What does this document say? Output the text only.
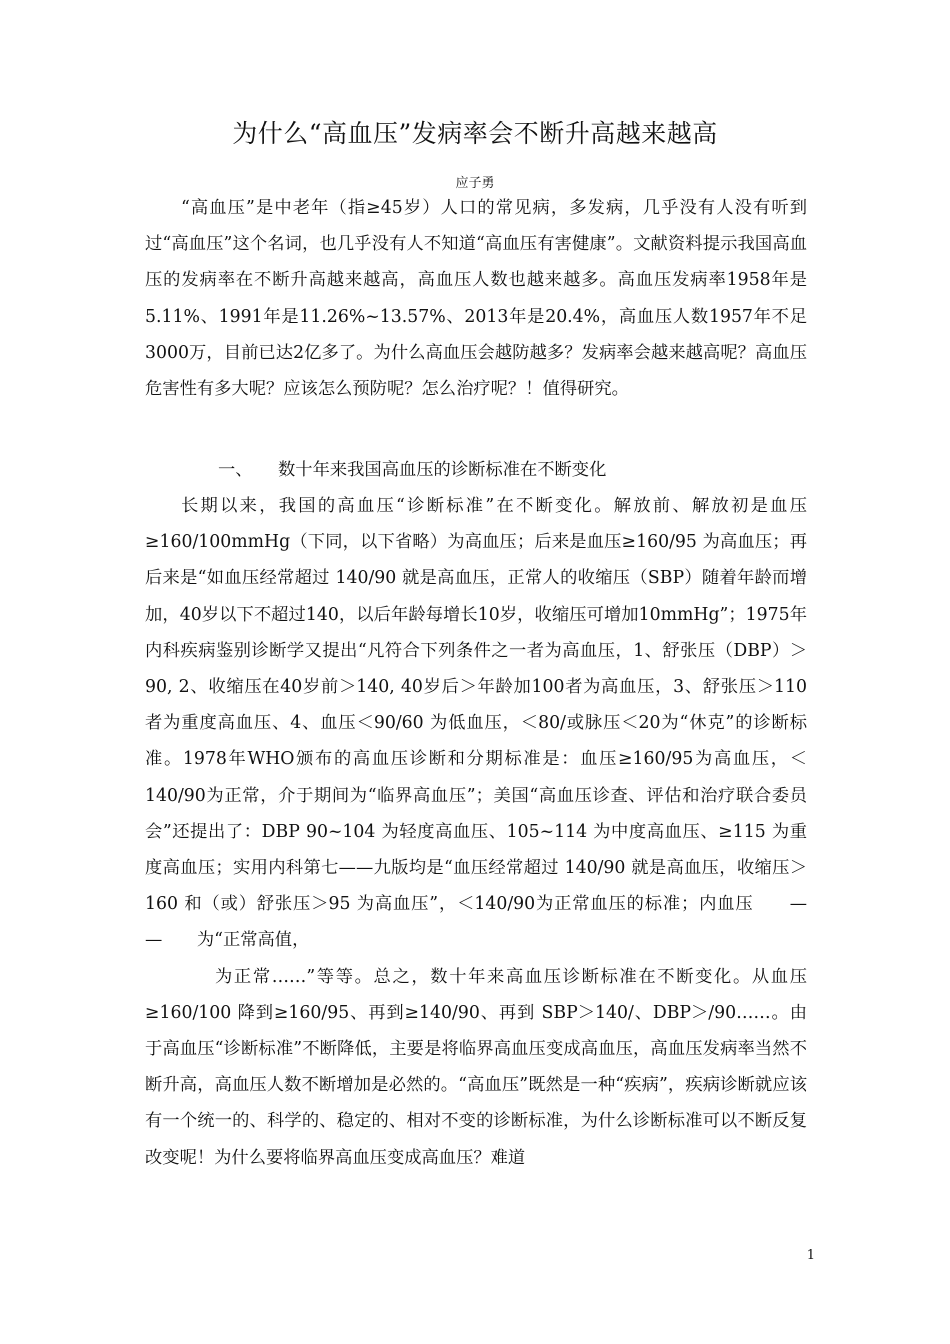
为什么“高血压”发病率会不断升高越来越高
应子勇

“高血压”是中老年（指≥45岁）人口的常见病，多发病，几乎没有人没有听到过“高血压”这个名词，也几乎没有人不知道“高血压有害健康”。文献资料提示我国高血压的发病率在不断升高越来越高，高血压人数也越来越多。高血压发病率1958年是5.11%、1991年是11.26%~13.57%、2013年是20.4%，高血压人数1957年不足3000万，目前已达2亿多了。为什么高血压会越防越多？发病率会越来越高呢？高血压危害性有多大呢？应该怎么预防呢？怎么治疗呢？！值得研究。

一、 数十年来我国高血压的诊断标准在不断变化

长期以来，我国的高血压“诊断标准”在不断变化。解放前、解放初是血压≥160/100mmHg（下同，以下省略）为高血压；后来是血压≥160/95 为高血压；再后来是“如血压经常超过 140/90 就是高血压，正常人的收缩压（SBP）随着年龄而增加，40岁以下不超过140，以后年龄每增长10岁，收缩压可增加10mmHg”；1975年内科疾病鉴别诊断学又提出“凡符合下列条件之一者为高血压，1、舒张压（DBP）＞90, 2、收缩压在40岁前＞140, 40岁后＞年龄加100者为高血压，3、舒张压＞110 者为重度高血压、4、血压＜90/60 为低血压，＜80/或脉压＜20为“休克”的诊断标准。1978年WHO颁布的高血压诊断和分期标准是：血压≥160/95为高血压，＜140/90为正常，介于期间为“临界高血压”；美国“高血压诊查、评估和治疗联合委员会”还提出了：DBP 90~104 为轻度高血压、105~114 为中度高血压、≥115 为重度高血压；实用内科第七——九版均是“血压经常超过 140/90 就是高血压，收缩压＞160 和（或）舒张压＞95 为高血压”，＜140/90为正常血压的标准；内血压　　—　　　—　　为“正常高值，

为正常……”等等。总之，数十年来高血压诊断标准在不断变化。从血压≥160/100 降到≥160/95、再到≥140/90、再到 SBP＞140/、DBP＞/90……。由于高血压“诊断标准”不断降低，主要是将临界高血压变成高血压，高血压发病率当然不断升高，高血压人数不断增加是必然的。“高血压”既然是一种“疾病”，疾病诊断就应该有一个统一的、科学的、稳定的、相对不变的诊断标准，为什么诊断标准可以不断反复改变呢！为什么要将临界高血压变成高血压？难道

1
